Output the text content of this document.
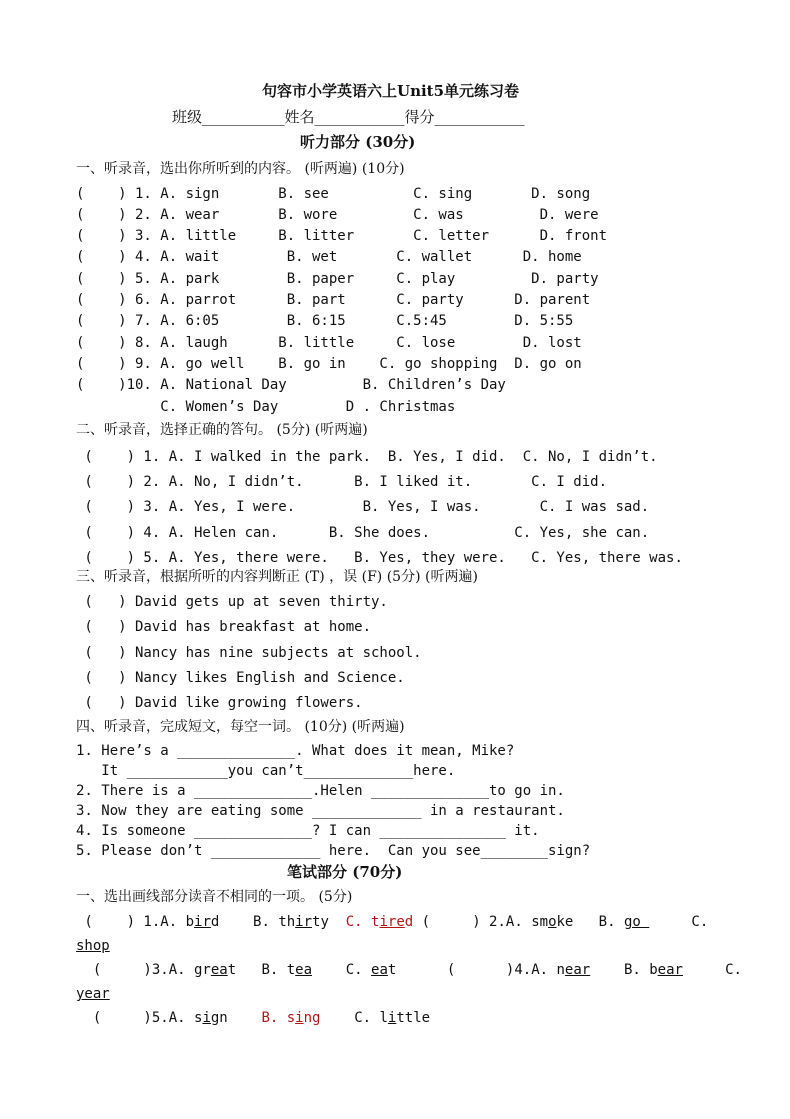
句容市小学英语六上Unit5单元练习卷
班级___________姓名____________得分____________
听力部分 (30分)
一、听录音，选出你所听到的内容。 (听两遍) (10分)
(    ) 1. A. sign       B. see          C. sing       D. song
(    ) 2. A. wear       B. wore         C. was         D. were
(    ) 3. A. little     B. litter       C. letter      D. front
(    ) 4. A. wait        B. wet       C. wallet      D. home
(    ) 5. A. park        B. paper     C. play         D. party
(    ) 6. A. parrot      B. part      C. party      D. parent
(    ) 7. A. 6:05        B. 6:15      C.5:45        D. 5:55
(    ) 8. A. laugh      B. little     C. lose        D. lost
(    ) 9. A. go well    B. go in    C. go shopping  D. go on
(    )10. A. National Day         B. Children’s Day
C. Women’s Day        D . Christmas
二、听录音，选择正确的答句。 (5分) (听两遍)
(    ) 1. A. I walked in the park.  B. Yes, I did.  C. No, I didn’t.
(    ) 2. A. No, I didn’t.      B. I liked it.       C. I did.
(    ) 3. A. Yes, I were.        B. Yes, I was.       C. I was sad.
(    ) 4. A. Helen can.      B. She does.          C. Yes, she can.
(    ) 5. A. Yes, there were.   B. Yes, they were.   C. Yes, there was.
三、听录音，根据所听的内容判断正 (T) ，误 (F) (5分) (听两遍)
(   ) David gets up at seven thirty.
(   ) David has breakfast at home.
(   ) Nancy has nine subjects at school.
(   ) Nancy likes English and Science.
(   ) David like growing flowers.
四、听录音，完成短文，每空一词。 (10分) (听两遍)
1. Here’s a ______________. What does it mean, Mike?
It ____________you can’t_____________here.
2. There is a ______________.Helen ______________to go in.
3. Now they are eating some _____________ in a restaurant.
4. Is someone ______________? I can _______________ it.
5. Please don’t _____________ here.  Can you see________sign?
笔试部分 (70分)
一、选出画线部分读音不相同的一项。 (5分)
(    ) 1.A. bird    B. thirty  C. tired (     ) 2.A. smoke   B. go      C.
shop
(     )3.A. great   B. tea C. eat      (      )4.A. near B. bear	C.
year
(     )5.A. sign    B. sing    C. little
